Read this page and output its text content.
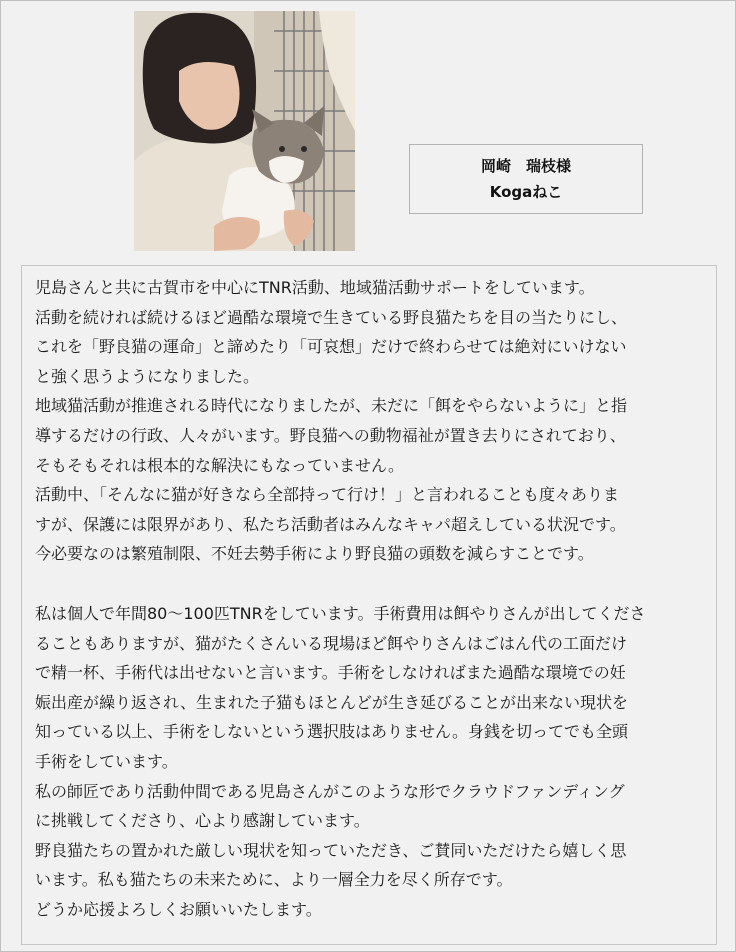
岡崎　瑞枝様
Kogaねこ
児島さんと共に古賀市を中心にTNR活動、地域猫活動サポートをしています。
活動を続ければ続けるほど過酷な環境で生きている野良猫たちを目の当たりにし、
これを「野良猫の運命」と諦めたり「可哀想」だけで終わらせては絶対にいけない
と強く思うようになりました。
地域猫活動が推進される時代になりましたが、未だに「餌をやらないように」と指
導するだけの行政、人々がいます。野良猫への動物福祉が置き去りにされており、
そもそもそれは根本的な解決にもなっていません。
活動中、「そんなに猫が好きなら全部持って行け！」と言われることも度々ありま
すが、保護には限界があり、私たち活動者はみんなキャパ超えしている状況です。
今必要なのは繁殖制限、不妊去勢手術により野良猫の頭数を減らすことです。
私は個人で年間80〜100匹TNRをしています。手術費用は餌やりさんが出してくださ
ることもありますが、猫がたくさんいる現場ほど餌やりさんはごはん代の工面だけ
で精一杯、手術代は出せないと言います。手術をしなければまた過酷な環境での妊
娠出産が繰り返され、生まれた子猫もほとんどが生き延びることが出来ない現状を
知っている以上、手術をしないという選択肢はありません。身銭を切ってでも全頭
手術をしています。
私の師匠であり活動仲間である児島さんがこのような形でクラウドファンディング
に挑戦してくださり、心より感謝しています。
野良猫たちの置かれた厳しい現状を知っていただき、ご賛同いただけたら嬉しく思
います。私も猫たちの未来ために、より一層全力を尽く所存です。
どうか応援よろしくお願いいたします。
